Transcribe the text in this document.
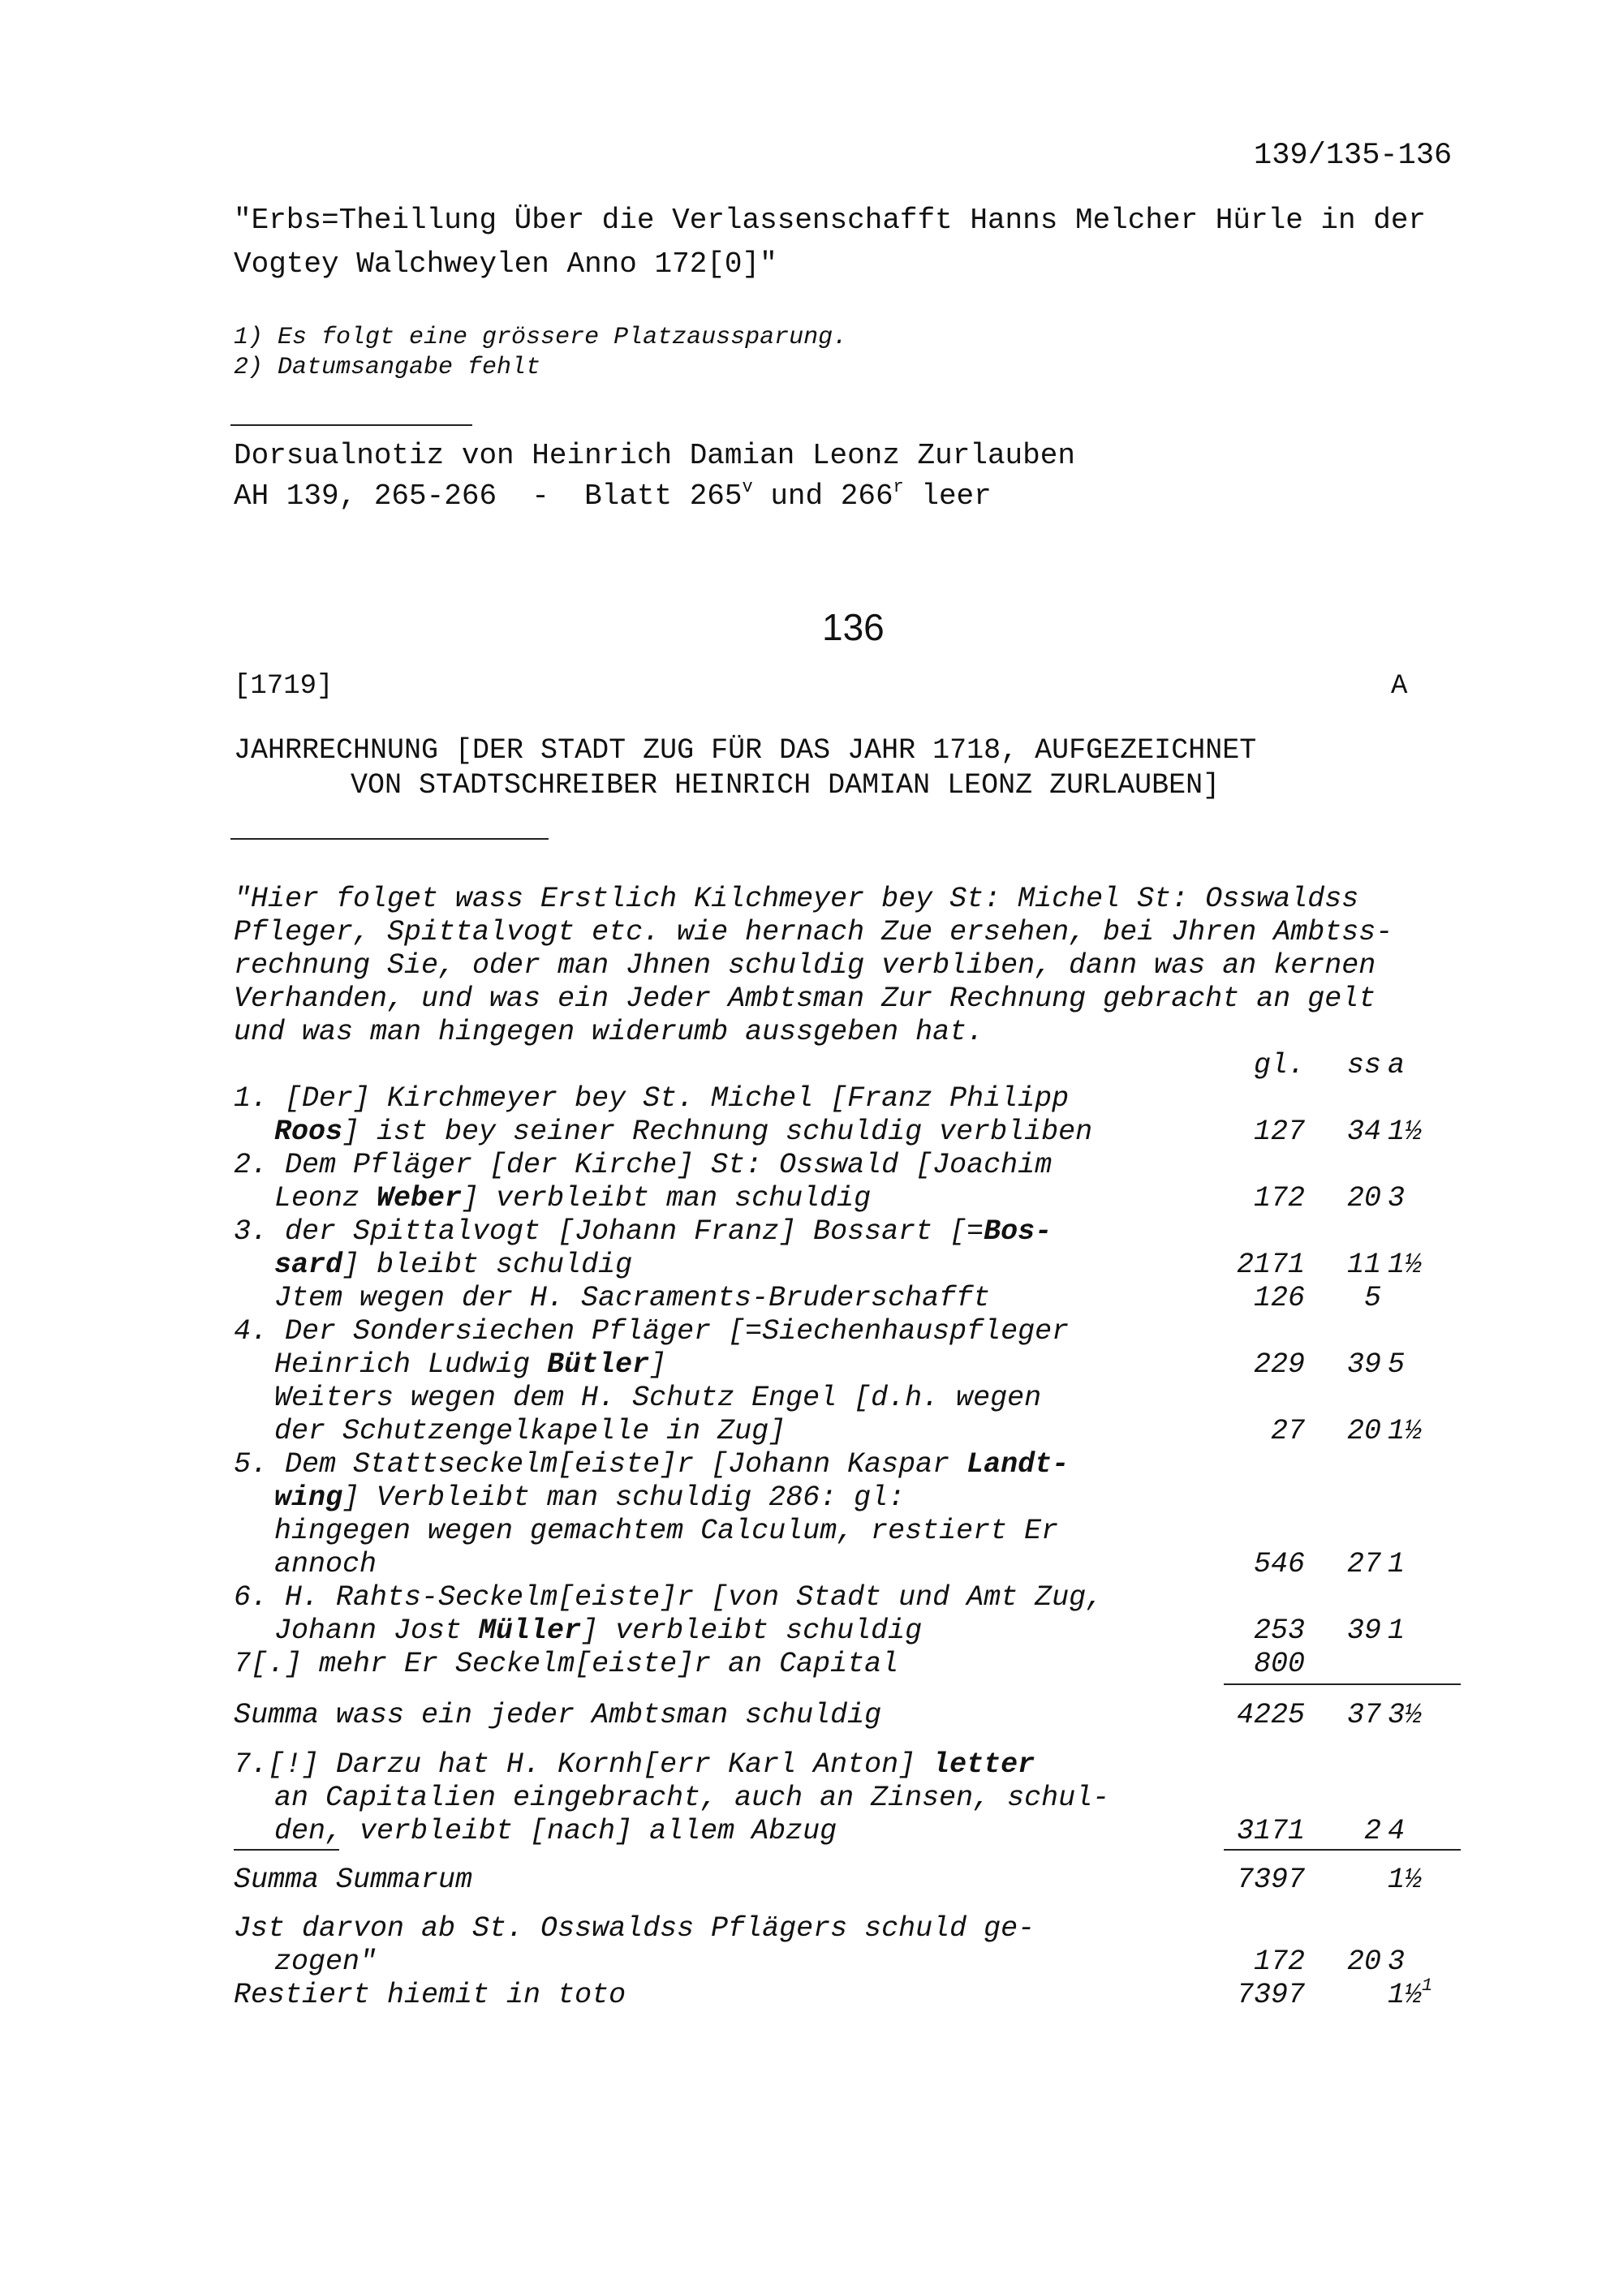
139/135-136
"Erbs=Theillung Über die Verlassenschafft Hanns Melcher Hürle in der
Vogtey Walchweylen Anno 172[0]"
1) Es folgt eine grössere Platzaussparung.
2) Datumsangabe fehlt
Dorsualnotiz von Heinrich Damian Leonz Zurlauben
AH 139, 265-266  -  Blatt 265$^v$ und 266$^r$ leer
136
[1719]	A
JAHRRECHNUNG [DER STADT ZUG FÜR DAS JAHR 1718, AUFGEZEICHNET
VON STADTSCHREIBER HEINRICH DAMIAN LEONZ ZURLAUBEN]
"Hier folget wass Erstlich Kilchmeyer bey St: Michel St: Osswaldss
Pfleger, Spittalvogt etc. wie hernach Zue ersehen, bei Jhren Ambtss-
rechnung Sie, oder man Jhnen schuldig verbliben, dann was an kernen
Verhanden, und was ein Jeder Ambtsman Zur Rechnung gebracht an gelt
und was man hingegen widerumb aussgeben hat.
gl.	ss a
1. [Der] Kirchmeyer bey St. Michel [Franz Philipp
Roos] ist bey seiner Rechnung schuldig verbliben	127	34 1½
2. Dem Pfläger [der Kirche] St: Osswald [Joachim
Leonz Weber] verbleibt man schuldig	172	20 3
3. der Spittalvogt [Johann Franz] Bossart [=Bos-
sard] bleibt schuldig	2171	11 1½
Jtem wegen der H. Sacraments-Bruderschafft	126	5
4. Der Sondersiechen Pfläger [=Siechenhauspfleger
Heinrich Ludwig Bütler]	229	39 5
Weiters wegen dem H. Schutz Engel [d.h. wegen
der Schutzengelkapelle in Zug]	27	20 1½
5. Dem Stattseckelm[eiste]r [Johann Kaspar Landt-
wing] Verbleibt man schuldig 286: gl:
hingegen wegen gemachtem Calculum, restiert Er
annoch	546	27 1
6. H. Rahts-Seckelm[eiste]r [von Stadt und Amt Zug,
Johann Jost Müller] verbleibt schuldig	253	39 1
7[.] mehr Er Seckelm[eiste]r an Capital	800
Summa wass ein jeder Ambtsman schuldig	4225	37 3½
7.[!] Darzu hat H. Kornh[err Karl Anton] letter
an Capitalien eingebracht, auch an Zinsen, schul-
den, verbleibt [nach] allem Abzug	3171	2 4
Summa Summarum	7397	1½
Jst darvon ab St. Osswaldss Pflägers schuld ge-
zogen"	172	20 3
Restiert hiemit in toto	7397	1½$^1$
